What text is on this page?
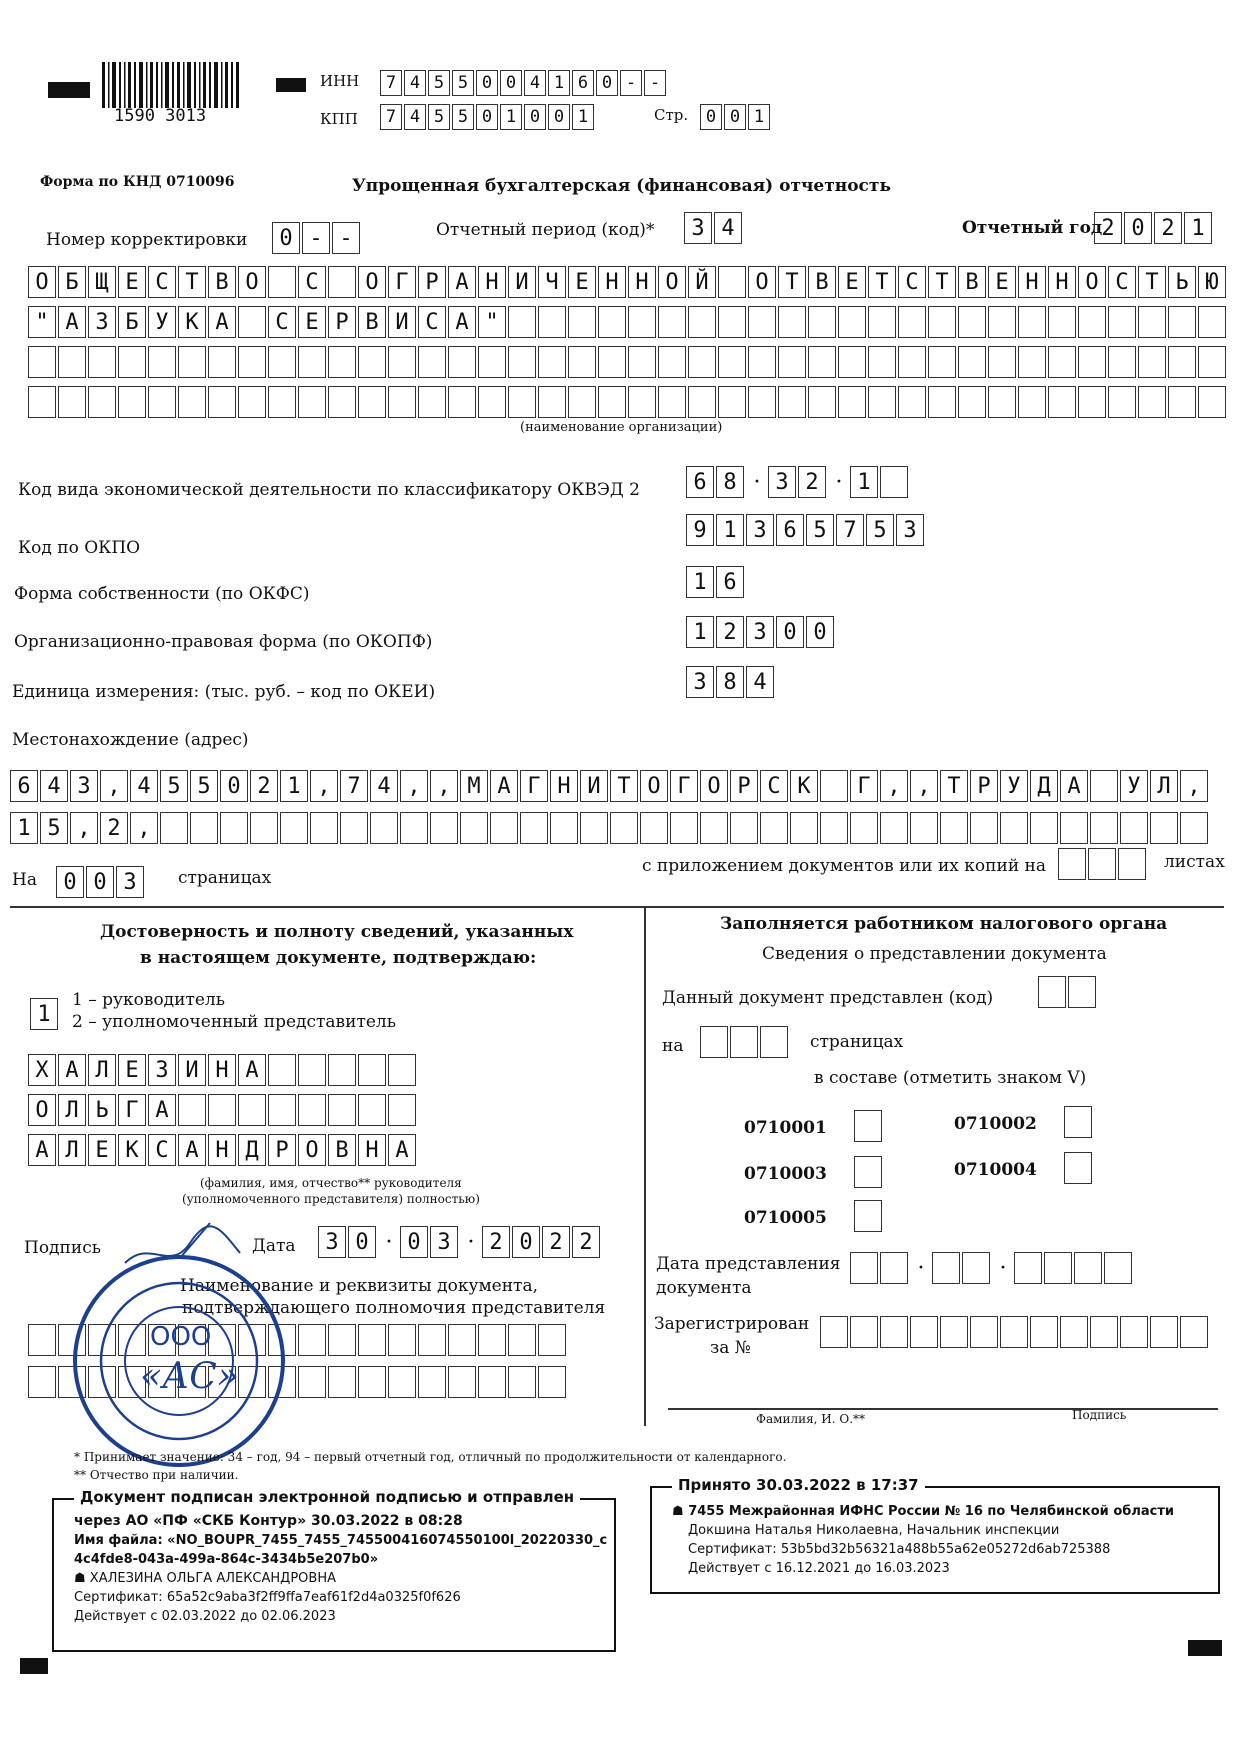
1590 3013
ИНН	7 4 5 5 0 0 4 1 6 0 - -
КПП	7 4 5 5 0 1 0 0 1	Стр.	0 0 1
Форма по КНД 0710096	Упрощенная бухгалтерская (финансовая) отчетность
Номер корректировки	0 - -	Отчетный период (код)*	3 4	Отчетный год 2 0 2 1
О Б Щ Е С Т В О	С	О Г Р А Н И Ч Е Н Н О Й	О Т В Е Т С Т В Е Н Н О С Т Ь Ю
" А З Б У К А	С Е Р В И С А "
(наименование организации)
Код вида экономической деятельности по классификатору ОКВЭД 2	6 8 · 3 2 · 1
Код по ОКПО
9 1 3 6 5 7 5 3
Форма собственности (по ОКФС)	1 6
Организационно-правовая форма (по ОКОПФ)	1 2 3 0 0
Единица измерения: (тыс. руб. – код по ОКЕИ)	3 8 4
Местонахождение (адрес)
6 4 3 , 4 5 5 0 2 1 , 7 4 , , М А Г Н И Т О Г О Р С К	Г , , Т Р У Д А	У Л ,
1 5 , 2 ,
На	0 0 3	страницах
с приложением документов или их копий на	листах
Достоверность и полноту сведений, указанных
в настоящем документе, подтверждаю:
1
1 – руководитель
2 – уполномоченный представитель
Х А Л Е З И Н А
О Л Ь Г А
А Л Е К С А Н Д Р О В Н А
(фамилия, имя, отчество** руководителя
(уполномоченного представителя) полностью)
Подпись	Дата	3 0 · 0 3 · 2 0 2 2
Наименование и реквизиты документа,
подтверждающего полномочия представителя
ООО
«АС»
Заполняется работником налогового органа
Сведения о представлении документа
Данный документ представлен (код)
на	страницах
в составе (отметить знаком V)
0710001	0710002
0710003	0710004
0710005
Дата представления
документа
·	·
Зарегистрирован
за №
Фамилия, И. О.**	Подпись
* Принимает значение: 34 – год, 94 – первый отчетный год, отличный по продолжительности от календарного.
** Отчество при наличии.
Документ подписан электронной подписью и отправлен
через АО «ПФ «СКБ Контур» 30.03.2022 в 08:28
Имя файла: «NO_BOUPR_7455_7455_745500416074550100l_20220330_c
4c4fde8-043a-499a-864c-3434b5e207b0»
☗ ХАЛЕЗИНА ОЛЬГА АЛЕКСАНДРОВНА
Сертификат: 65a52c9aba3f2ff9ffa7eaf61f2d4a0325f0f626
Действует с 02.03.2022 до 02.06.2023
Принято 30.03.2022 в 17:37
☗ 7455 Межрайонная ИФНС России № 16 по Челябинской области
Докшина Наталья Николаевна, Начальник инспекции
Сертификат: 53b5bd32b56321a488b55a62e05272d6ab725388
Действует с 16.12.2021 до 16.03.2023
